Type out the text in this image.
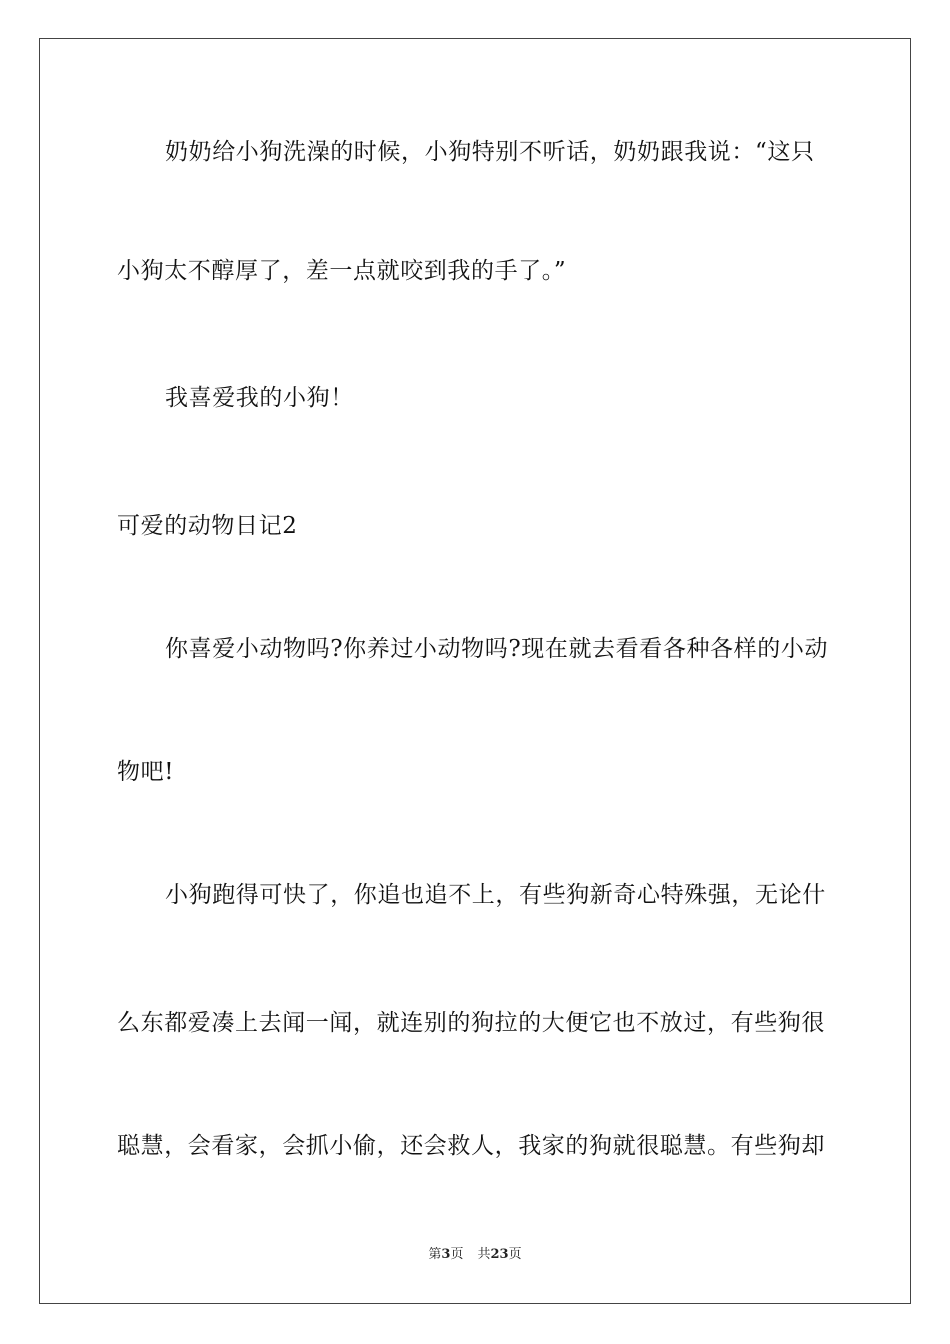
奶奶给小狗洗澡的时候，小狗特别不听话，奶奶跟我说：“这只
小狗太不醇厚了，差一点就咬到我的手了。”
我喜爱我的小狗！
可爱的动物日记2
你喜爱小动物吗?你养过小动物吗?现在就去看看各种各样的小动
物吧!
小狗跑得可快了，你追也追不上，有些狗新奇心特殊强，无论什
么东都爱凑上去闻一闻，就连别的狗拉的大便它也不放过，有些狗很
聪慧，会看家，会抓小偷，还会救人，我家的狗就很聪慧。有些狗却
第3页 共23页
